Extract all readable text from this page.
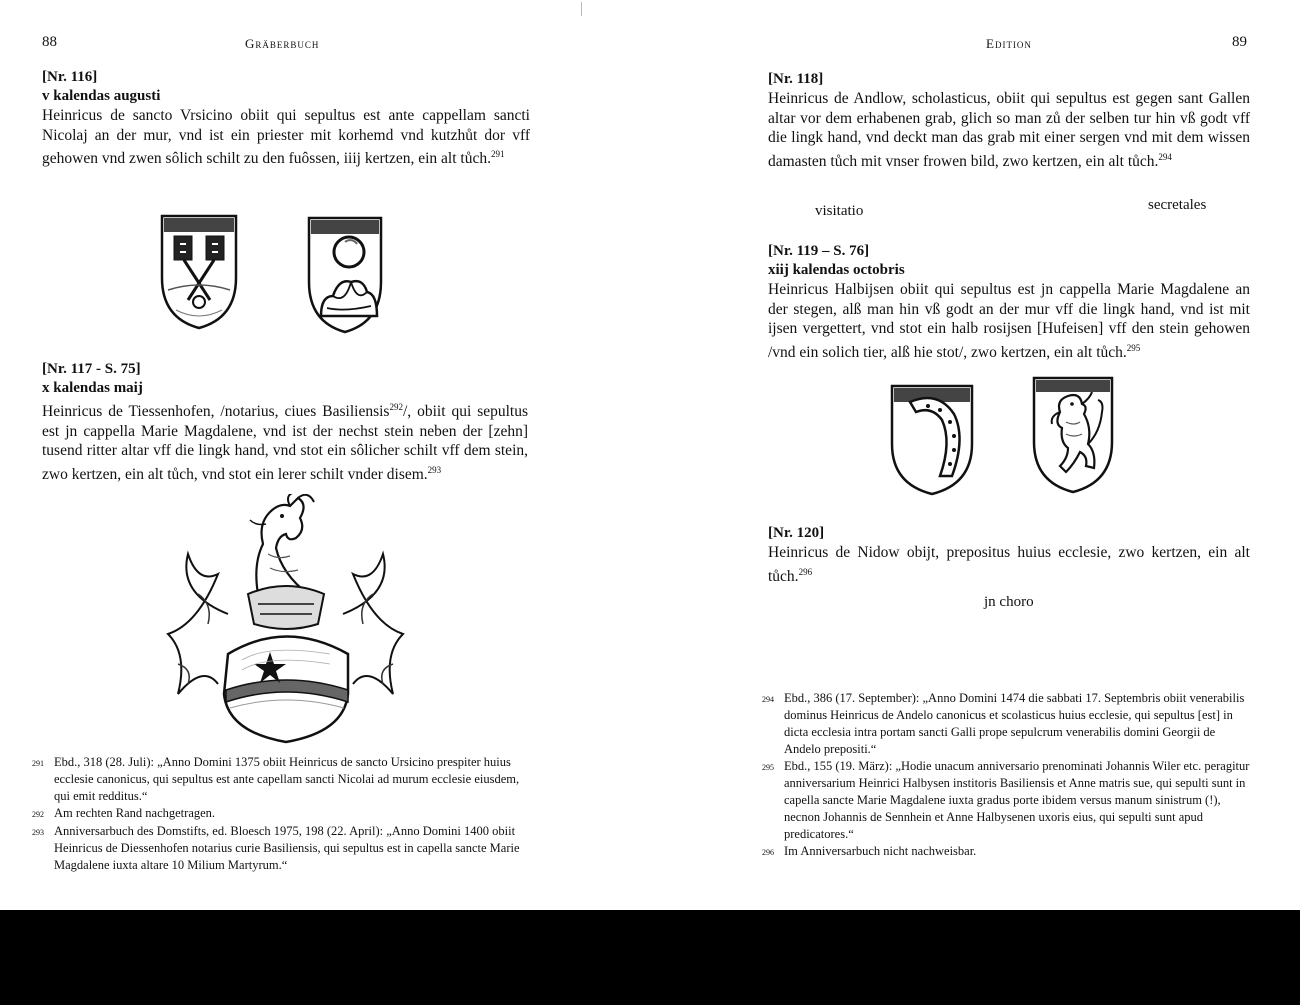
88	Gräberbuch
[Nr. 116]
v kalendas augusti
Heinricus de sancto Vrsicino obiit qui sepultus est ante cappellam sancti Nicolaj an der mur, vnd ist ein priester mit korhemd vnd kutzhůt dor vff gehowen vnd zwen sôlich schilt zu den fuôssen, iiij kertzen, ein alt tůch.$^{291}$
[Nr. 117 - S. 75]
x kalendas maij
Heinricus de Tiessenhofen, /notarius, ciues Basiliensis$^{292}$/, obiit qui sepultus est jn cappella Marie Magdalene, vnd ist der nechst stein neben der [zehn] tusend ritter altar vff die lingk hand, vnd stot ein sôlicher schilt vff dem stein, zwo kertzen, ein alt tůch, vnd stot ein lerer schilt vnder disem.$^{293}$
291 Ebd., 318 (28. Juli): „Anno Domini 1375 obiit Heinricus de sancto Ursicino prespiter huius ecclesie canonicus, qui sepultus est ante capellam sancti Nicolai ad murum ecclesie eiusdem, qui emit redditus.“
292 Am rechten Rand nachgetragen.
293 Anniversarbuch des Domstifts, ed. Bloesch 1975, 198 (22. April): „Anno Domini 1400 obiit Heinricus de Diessenhofen notarius curie Basiliensis, qui sepultus est in capella sancte Marie Magdalene iuxta altare 10 Milium Martyrum.“
Edition	89
[Nr. 118]
Heinricus de Andlow, scholasticus, obiit qui sepultus est gegen sant Gallen altar vor dem erhabenen grab, glich so man zů der selben tur hin vß godt vff die lingk hand, vnd deckt man das grab mit einer sergen vnd mit dem wissen damasten tůch mit vnser frowen bild, zwo kertzen, ein alt tůch.$^{294}$
visitatio	secretales
[Nr. 119 – S. 76]
xiij kalendas octobris
Heinricus Halbijsen obiit qui sepultus est jn cappella Marie Magdalene an der stegen, alß man hin vß godt an der mur vff die lingk hand, vnd ist mit ijsen vergettert, vnd stot ein halb rosijsen [Hufeisen] vff den stein gehowen /vnd ein solich tier, alß hie stot/, zwo kertzen, ein alt tůch.$^{295}$
[Nr. 120]
Heinricus de Nidow obijt, prepositus huius ecclesie, zwo kertzen, ein alt tůch.$^{296}$
jn choro
294 Ebd., 386 (17. September): „Anno Domini 1474 die sabbati 17. Septembris obiit venerabilis dominus Heinricus de Andelo canonicus et scolasticus huius ecclesie, qui sepultus [est] in dicta ecclesia intra portam sancti Galli prope sepulcrum venerabilis domini Georgii de Andelo prepositi.“
295 Ebd., 155 (19. März): „Hodie unacum anniversario prenominati Johannis Wiler etc. peragitur anniversarium Heinrici Halbysen institoris Basiliensis et Anne matris sue, qui sepulti sunt in capella sancte Marie Magdalene iuxta gradus porte ibidem versus manum sinistrum (!), necnon Johannis de Sennhein et Anne Halbysenen uxoris eius, qui sepulti sunt apud predicatores.“
296 Im Anniversarbuch nicht nachweisbar.
